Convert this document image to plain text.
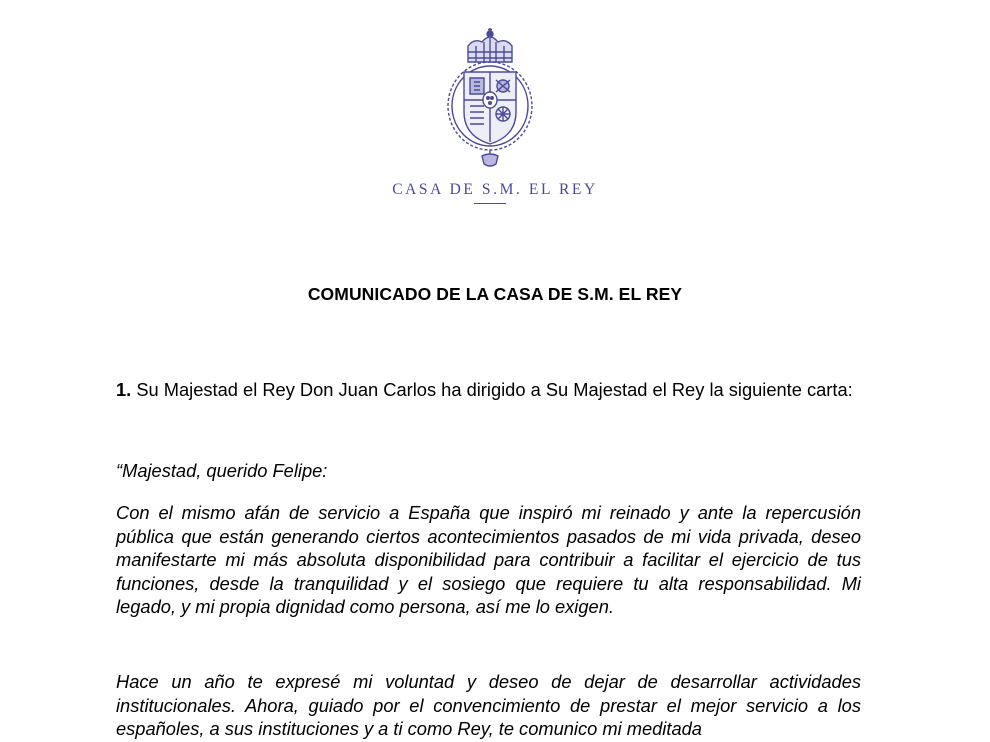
CASA DE S.M. EL REY
COMUNICADO DE LA CASA DE S.M. EL REY

1. Su Majestad el Rey Don Juan Carlos ha dirigido a Su Majestad el Rey la siguiente carta:

“Majestad, querido Felipe:

Con el mismo afán de servicio a España que inspiró mi reinado y ante la repercusión pública que están generando ciertos acontecimientos pasados de mi vida privada, deseo manifestarte mi más absoluta disponibilidad para contribuir a facilitar el ejercicio de tus funciones, desde la tranquilidad y el sosiego que requiere tu alta responsabilidad. Mi legado, y mi propia dignidad como persona, así me lo exigen.

Hace un año te expresé mi voluntad y deseo de dejar de desarrollar actividades institucionales. Ahora, guiado por el convencimiento de prestar el mejor servicio a los españoles, a sus instituciones y a ti como Rey, te comunico mi meditada
